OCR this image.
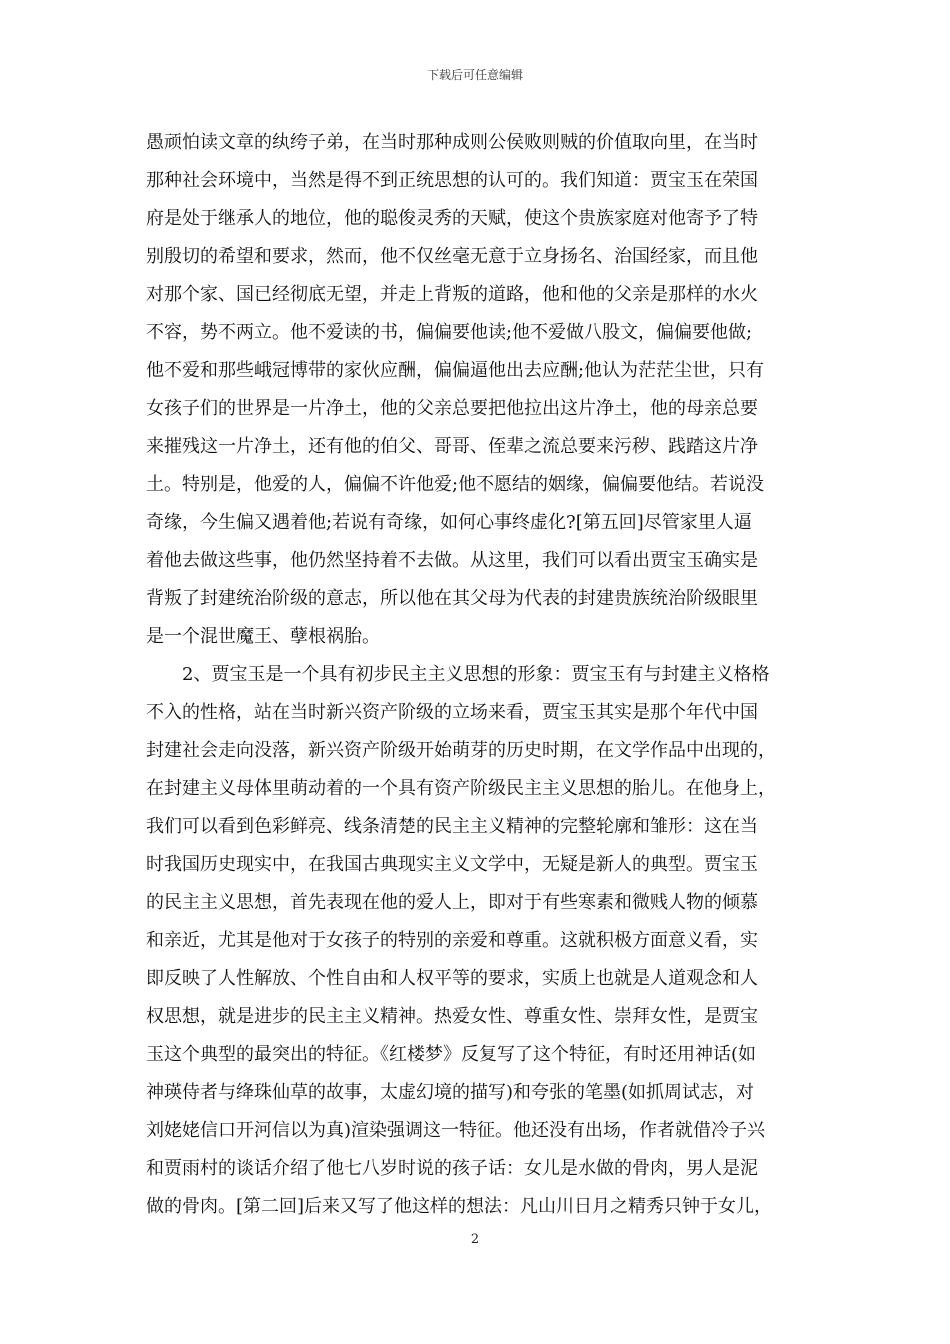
下载后可任意编辑
愚顽怕读文章的纨绔子弟，在当时那种成则公侯败则贼的价值取向里，在当时
那种社会环境中，当然是得不到正统思想的认可的。我们知道：贾宝玉在荣国
府是处于继承人的地位，他的聪俊灵秀的天赋，使这个贵族家庭对他寄予了特
别殷切的希望和要求，然而，他不仅丝毫无意于立身扬名、治国经家，而且他
对那个家、国已经彻底无望，并走上背叛的道路，他和他的父亲是那样的水火
不容，势不两立。他不爱读的书，偏偏要他读;他不爱做八股文，偏偏要他做;
他不爱和那些峨冠博带的家伙应酬，偏偏逼他出去应酬;他认为茫茫尘世，只有
女孩子们的世界是一片净土，他的父亲总要把他拉出这片净土，他的母亲总要
来摧残这一片净土，还有他的伯父、哥哥、侄辈之流总要来污秽、践踏这片净
土。特别是，他爱的人，偏偏不许他爱;他不愿结的姻缘，偏偏要他结。若说没
奇缘，今生偏又遇着他;若说有奇缘，如何心事终虚化?[第五回]尽管家里人逼
着他去做这些事，他仍然坚持着不去做。从这里，我们可以看出贾宝玉确实是
背叛了封建统治阶级的意志，所以他在其父母为代表的封建贵族统治阶级眼里
是一个混世魔王、孽根祸胎。
2、贾宝玉是一个具有初步民主主义思想的形象：贾宝玉有与封建主义格格
不入的性格，站在当时新兴资产阶级的立场来看，贾宝玉其实是那个年代中国
封建社会走向没落，新兴资产阶级开始萌芽的历史时期，在文学作品中出现的，
在封建主义母体里萌动着的一个具有资产阶级民主主义思想的胎儿。在他身上，
我们可以看到色彩鲜亮、线条清楚的民主主义精神的完整轮廓和雏形：这在当
时我国历史现实中，在我国古典现实主义文学中，无疑是新人的典型。贾宝玉
的民主主义思想，首先表现在他的爱人上，即对于有些寒素和微贱人物的倾慕
和亲近，尤其是他对于女孩子的特别的亲爱和尊重。这就积极方面意义看，实
即反映了人性解放、个性自由和人权平等的要求，实质上也就是人道观念和人
权思想，就是进步的民主主义精神。热爱女性、尊重女性、崇拜女性，是贾宝
玉这个典型的最突出的特征。《红楼梦》反复写了这个特征，有时还用神话(如
神瑛侍者与绛珠仙草的故事，太虚幻境的描写)和夸张的笔墨(如抓周试志，对
刘姥姥信口开河信以为真)渲染强调这一特征。他还没有出场，作者就借冷子兴
和贾雨村的谈话介绍了他七八岁时说的孩子话：女儿是水做的骨肉，男人是泥
做的骨肉。[第二回]后来又写了他这样的想法：凡山川日月之精秀只钟于女儿，
2
